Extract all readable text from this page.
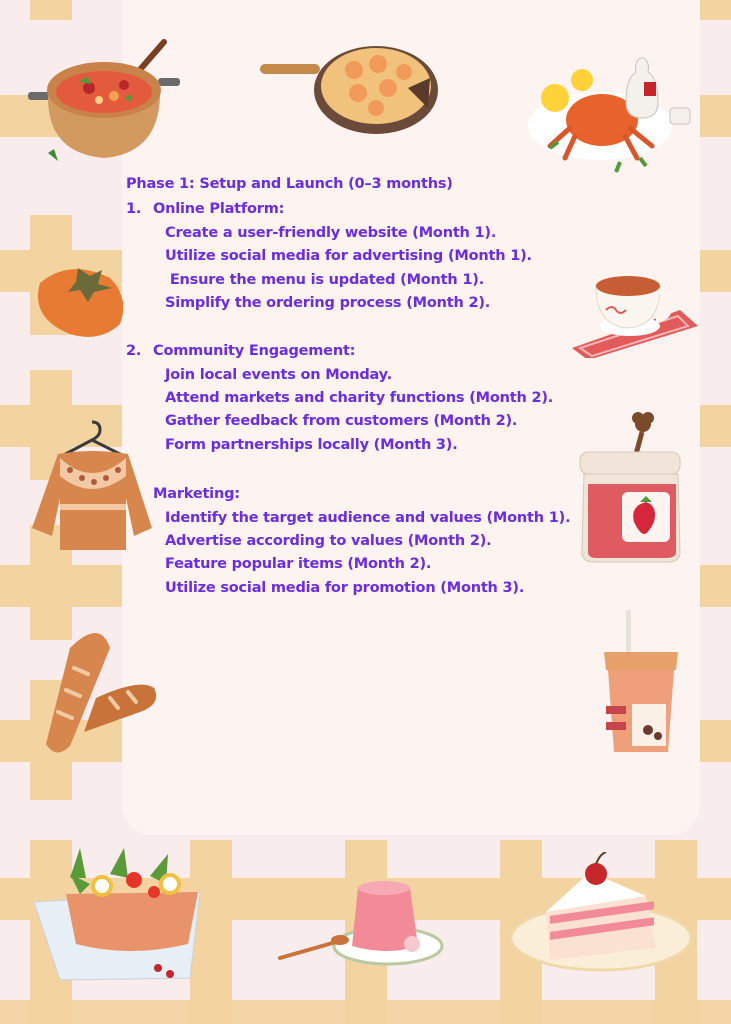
Phase 1: Setup and Launch (0–3 months)
1. Online Platform:
Create a user-friendly website (Month 1).
Utilize social media for advertising (Month 1).
Ensure the menu is updated (Month 1).
Simplify the ordering process (Month 2).
2. Community Engagement:
Join local events on Monday.
Attend markets and charity functions (Month 2).
Gather feedback from customers (Month 2).
Form partnerships locally (Month 3).
Marketing:
Identify the target audience and values (Month 1).
Advertise according to values (Month 2).
Feature popular items (Month 2).
Utilize social media for promotion (Month 3).
